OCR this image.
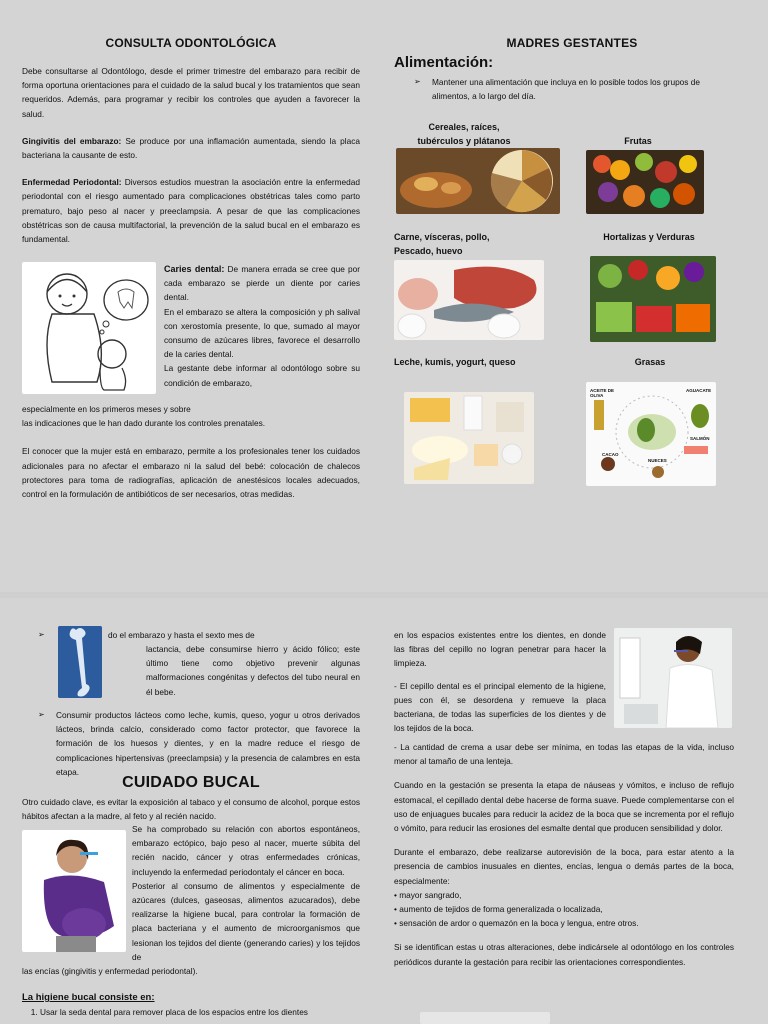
CONSULTA ODONTOLÓGICA

Debe consultarse al Odontólogo, desde el primer trimestre del embarazo para recibir de forma oportuna orientaciones para el cuidado de la salud bucal y los tratamientos que sean requeridos. Además, para programar y recibir los controles que ayuden a favorecer la salud.

Gingivitis del embarazo: Se produce por una inflamación aumentada, siendo la placa bacteriana la causante de esto.

Enfermedad Periodontal: Diversos estudios muestran la asociación entre la enfermedad periodontal con el riesgo aumentado para complicaciones obstétricas tales como parto prematuro, bajo peso al nacer y preeclampsia. A pesar de que las complicaciones obstétricas son de causa multifactorial, la prevención de la salud bucal en el embarazo es fundamental.

Caries dental: De manera errada se cree que por cada embarazo se pierde un diente por caries dental.

En el embarazo se altera la composición y ph salival con xerostomía presente, lo que, sumado al mayor consumo de azúcares libres, favorece el desarrollo de la caries dental.

La gestante debe informar al odontólogo sobre su condición de embarazo,

especialmente en los primeros meses y sobre

las indicaciones que le han dado durante los controles prenatales.

El conocer que la mujer está en embarazo, permite a los profesionales tener los cuidados adicionales para no afectar el embarazo ni la salud del bebé: colocación de chalecos protectores para toma de radiografías, aplicación de anestésicos locales adecuados, control en la formulación de antibióticos de ser necesarios, otras medidas.

MADRES GESTANTES
Alimentación:
➢	Mantener una alimentación que incluya en lo posible todos los grupos de alimentos, a lo largo del día.
Cereales, raíces,
tubérculos y plátanos	Frutas
Carne, vísceras, pollo,
Pescado, huevo
Hortalizas y Verduras
Leche, kumis, yogurt, queso	Grasas
ACEITE DE OLIVA
AGUACATE
SALMÓN
CACAO
NUECES
➢	do el embarazo y hasta el sexto mes de

lactancia, debe consumirse hierro y ácido fólico; este último tiene como objetivo prevenir algunas malformaciones congénitas y defectos del tubo neural en él bebe.

➢	Consumir productos lácteos como leche, kumis, queso, yogur u otros derivados lácteos, brinda calcio, considerado como factor protector, que favorece la formación de los huesos y dientes, y en la madre reduce el riesgo de complicaciones hipertensivas (preeclampsia) y la presencia de calambres en esta etapa.
CUIDADO BUCAL

Otro cuidado clave, es evitar la exposición al tabaco y el consumo de alcohol, porque estos hábitos afectan a la madre, al feto y al recién nacido.

Se ha comprobado su relación con abortos espontáneos, embarazo ectópico, bajo peso al nacer, muerte súbita del recién nacido, cáncer y otras enfermedades crónicas, incluyendo la enfermedad periodontaly el cáncer en boca.

Posterior al consumo de alimentos y especialmente de azúcares (dulces, gaseosas, alimentos azucarados), debe realizarse la higiene bucal, para controlar la formación de placa bacteriana y el aumento de microorganismos que lesionan los tejidos del diente (generando caries) y los tejidos de

las encías (gingivitis y enfermedad periodontal).

La higiene bucal consiste en:
1. Usar la seda dental para remover placa de los espacios entre los dientes

en los espacios existentes entre los dientes, en donde las fibras del cepillo no logran penetrar para hacer la limpieza.

- El cepillo dental es el principal elemento de la higiene, pues con él, se desordena y remueve la placa bacteriana, de todas las superficies de los dientes y de los tejidos de la boca.

- La cantidad de crema a usar debe ser mínima, en todas las etapas de la vida, incluso menor al tamaño de una lenteja.

Cuando en la gestación se presenta la etapa de náuseas y vómitos, e incluso de reflujo estomacal, el cepillado dental debe hacerse de forma suave. Puede complementarse con el uso de enjuagues bucales para reducir la acidez de la boca que se incrementa por el reflujo o vómito, para reducir las erosiones del esmalte dental que producen sensibilidad y dolor.

Durante el embarazo, debe realizarse autorevisión de la boca, para estar atento a la presencia de cambios inusuales en dientes, encías, lengua o demás partes de la boca, especialmente:

• mayor sangrado,
• aumento de tejidos de forma generalizada o localizada,
• sensación de ardor o quemazón en la boca y lengua, entre otros.

Si se identifican estas u otras alteraciones, debe indicársele al odontólogo en los controles periódicos durante la gestación para recibir las orientaciones correspondientes.
